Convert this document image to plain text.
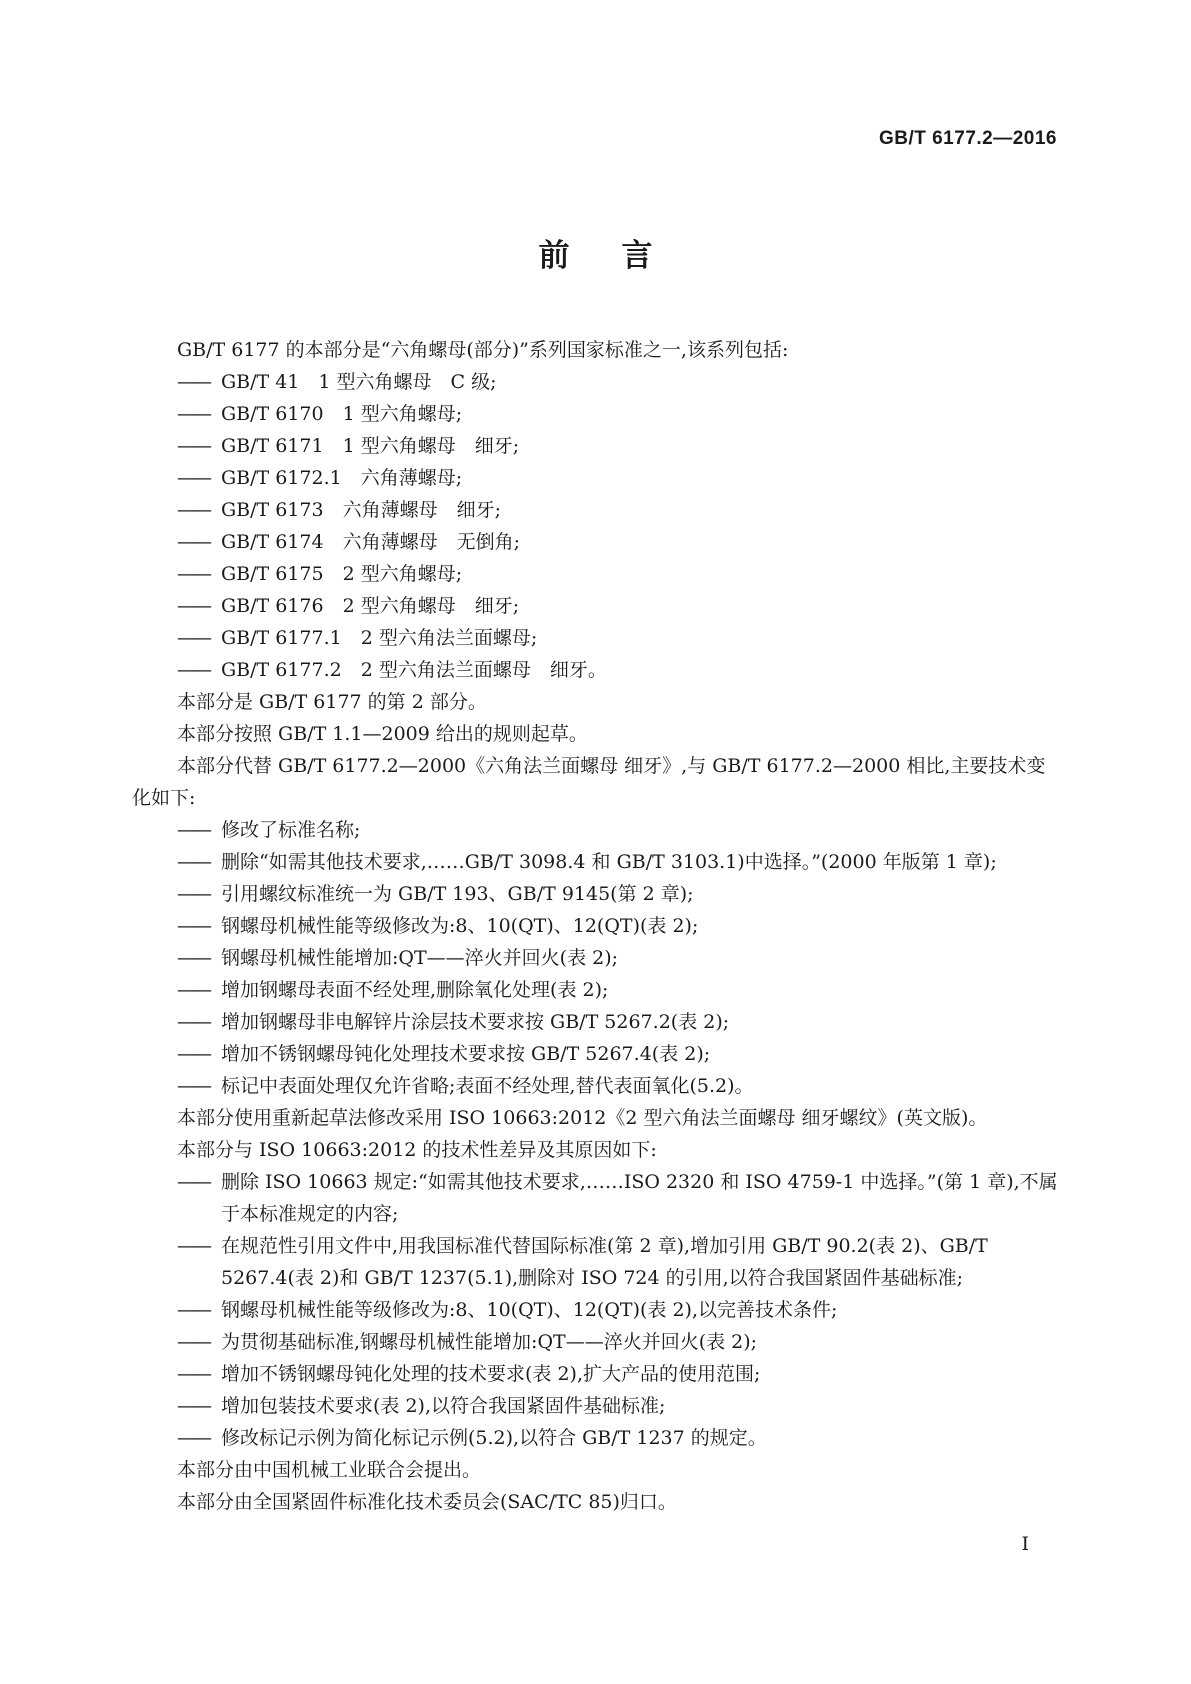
GB/T 6177.2—2016
前言
GB/T 6177 的本部分是“六角螺母(部分)”系列国家标准之一,该系列包括:
—— GB/T 41　1 型六角螺母　C 级;
—— GB/T 6170　1 型六角螺母;
—— GB/T 6171　1 型六角螺母　细牙;
—— GB/T 6172.1　六角薄螺母;
—— GB/T 6173　六角薄螺母　细牙;
—— GB/T 6174　六角薄螺母　无倒角;
—— GB/T 6175　2 型六角螺母;
—— GB/T 6176　2 型六角螺母　细牙;
—— GB/T 6177.1　2 型六角法兰面螺母;
—— GB/T 6177.2　2 型六角法兰面螺母　细牙。
本部分是 GB/T 6177 的第 2 部分。
本部分按照 GB/T 1.1—2009 给出的规则起草。
本部分代替 GB/T 6177.2—2000《六角法兰面螺母 细牙》,与 GB/T 6177.2—2000 相比,主要技术变化如下:
—— 修改了标准名称;
—— 删除“如需其他技术要求,……GB/T 3098.4 和 GB/T 3103.1)中选择。”(2000 年版第 1 章);
—— 引用螺纹标准统一为 GB/T 193、GB/T 9145(第 2 章);
—— 钢螺母机械性能等级修改为:8、10(QT)、12(QT)(表 2);
—— 钢螺母机械性能增加:QT——淬火并回火(表 2);
—— 增加钢螺母表面不经处理,删除氧化处理(表 2);
—— 增加钢螺母非电解锌片涂层技术要求按 GB/T 5267.2(表 2);
—— 增加不锈钢螺母钝化处理技术要求按 GB/T 5267.4(表 2);
—— 标记中表面处理仅允许省略;表面不经处理,替代表面氧化(5.2)。
本部分使用重新起草法修改采用 ISO 10663:2012《2 型六角法兰面螺母 细牙螺纹》(英文版)。
本部分与 ISO 10663:2012 的技术性差异及其原因如下:
—— 删除 ISO 10663 规定:“如需其他技术要求,……ISO 2320 和 ISO 4759-1 中选择。”(第 1 章),不属于本标准规定的内容;
—— 在规范性引用文件中,用我国标准代替国际标准(第 2 章),增加引用 GB/T 90.2(表 2)、GB/T 5267.4(表 2)和 GB/T 1237(5.1),删除对 ISO 724 的引用,以符合我国紧固件基础标准;
—— 钢螺母机械性能等级修改为:8、10(QT)、12(QT)(表 2),以完善技术条件;
—— 为贯彻基础标准,钢螺母机械性能增加:QT——淬火并回火(表 2);
—— 增加不锈钢螺母钝化处理的技术要求(表 2),扩大产品的使用范围;
—— 增加包装技术要求(表 2),以符合我国紧固件基础标准;
—— 修改标记示例为简化标记示例(5.2),以符合 GB/T 1237 的规定。
本部分由中国机械工业联合会提出。
本部分由全国紧固件标准化技术委员会(SAC/TC 85)归口。
I
